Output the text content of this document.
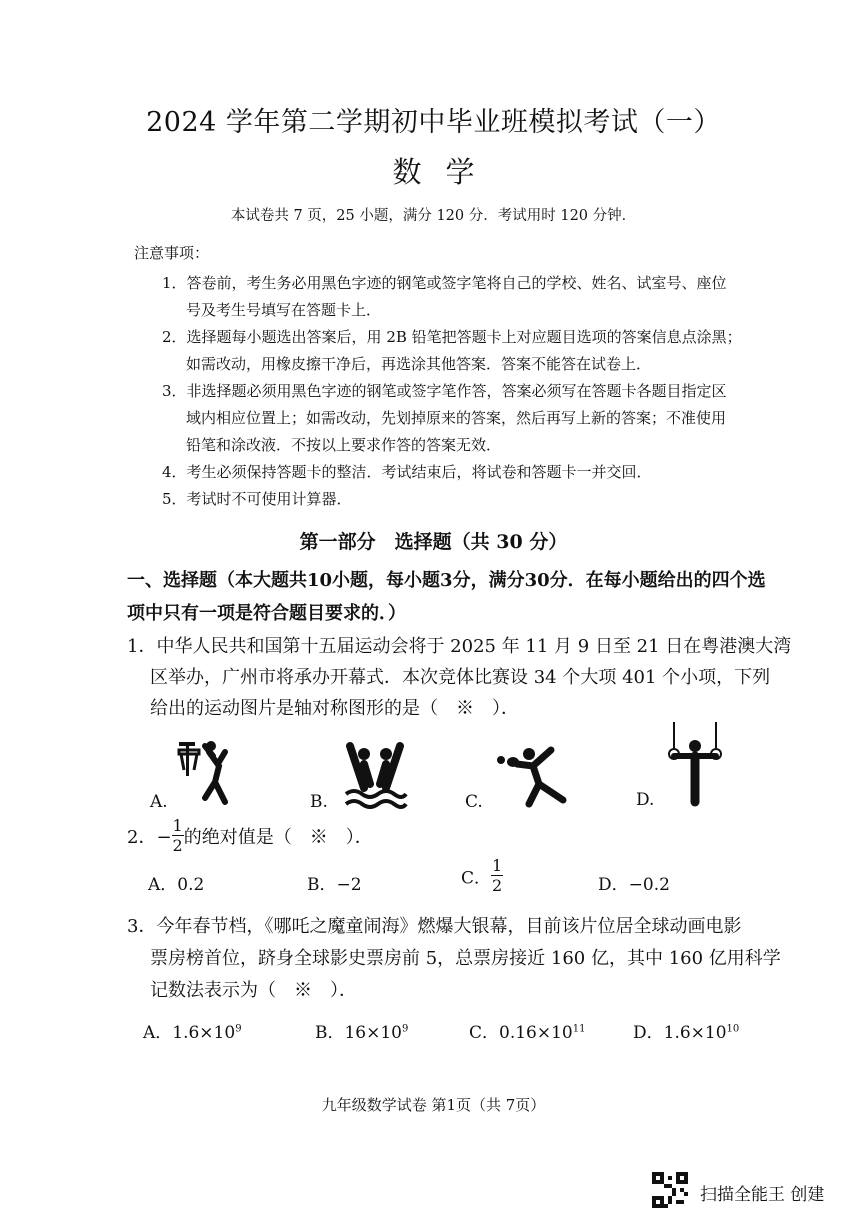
2024 学年第二学期初中毕业班模拟考试（一）
数学
本试卷共 7 页，25 小题，满分 120 分．考试用时 120 分钟．
注意事项：
1．答卷前，考生务必用黑色字迹的钢笔或签字笔将自己的学校、姓名、试室号、座位
号及考生号填写在答题卡上．
2．选择题每小题选出答案后，用 2B 铅笔把答题卡上对应题目选项的答案信息点涂黑；
如需改动，用橡皮擦干净后，再选涂其他答案．答案不能答在试卷上．
3．非选择题必须用黑色字迹的钢笔或签字笔作答，答案必须写在答题卡各题目指定区
域内相应位置上；如需改动，先划掉原来的答案，然后再写上新的答案；不准使用
铅笔和涂改液．不按以上要求作答的答案无效．
4．考生必须保持答题卡的整洁．考试结束后，将试卷和答题卡一并交回．
5．考试时不可使用计算器．
第一部分　选择题（共 30 分）
一、选择题（本大题共10小题，每小题3分，满分30分．在每小题给出的四个选
项中只有一项是符合题目要求的．）
1．中华人民共和国第十五届运动会将于 2025 年 11 月 9 日至 21 日在粤港澳大湾
区举办，广州市将承办开幕式．本次竞体比赛设 34 个大项 401 个小项，下列
给出的运动图片是轴对称图形的是（　※　）．
A.	B.	C.	D.
2．− $\frac{1}{2}$ 的绝对值是（　※　）．
A．0.2	B．−2	C． $\frac{1}{2}$	D．−0.2
3．今年春节档，《哪吒之魔童闹海》燃爆大银幕，目前该片位居全球动画电影
票房榜首位，跻身全球影史票房前 5，总票房接近 160 亿，其中 160 亿用科学
记数法表示为（　※　）．
A．$1.6\times 10^9$	B．$16\times 10^9$	C．$0.16\times 10^{11}$	D．$1.6\times 10^{10}$
九年级数学试卷 第1页（共 7页）
扫描全能王 创建
